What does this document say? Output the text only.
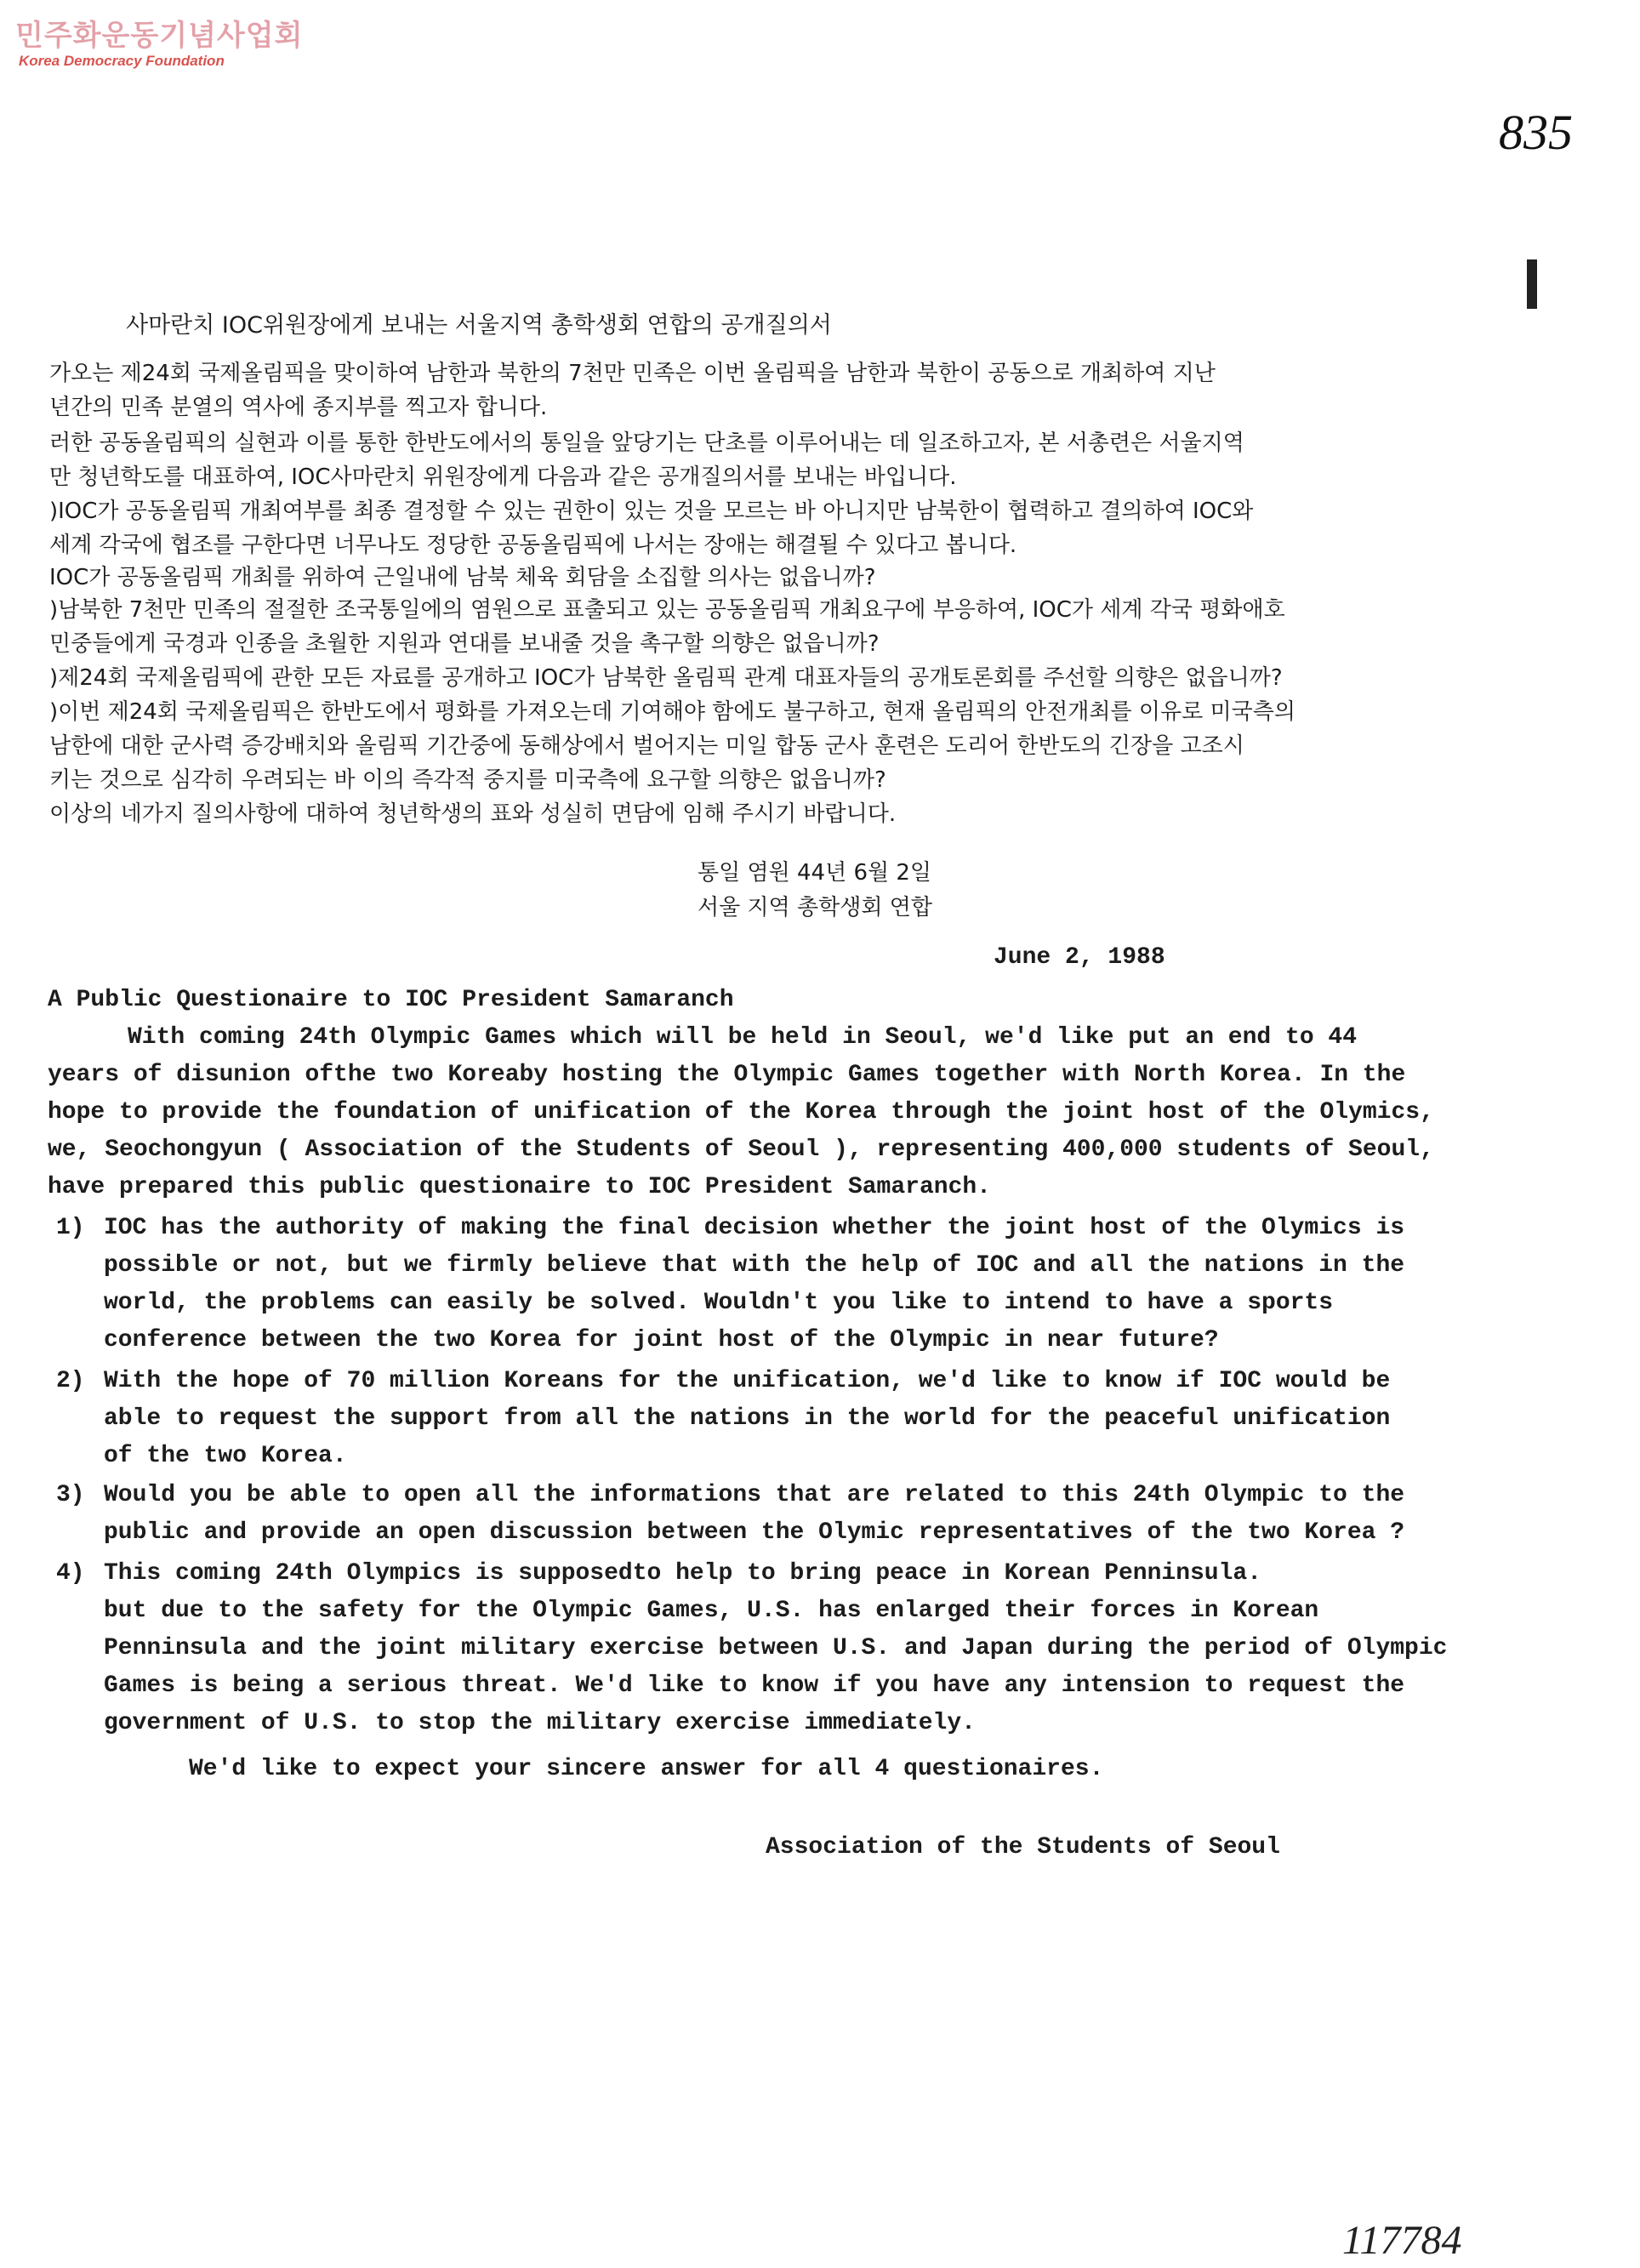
민주화운동기념사업회
Korea Democracy Foundation
835
117784
사마란치 IOC위원장에게 보내는 서울지역 총학생회 연합의 공개질의서
가오는 제24회 국제올림픽을 맞이하여 남한과 북한의 7천만 민족은 이번 올림픽을 남한과 북한이 공동으로 개최하여 지난
년간의 민족 분열의 역사에 종지부를 찍고자 합니다.
러한 공동올림픽의 실현과 이를 통한 한반도에서의 통일을 앞당기는 단초를 이루어내는 데 일조하고자, 본 서총련은 서울지역
만 청년학도를 대표하여, IOC사마란치 위원장에게 다음과 같은 공개질의서를 보내는 바입니다.
)IOC가 공동올림픽 개최여부를 최종 결정할 수 있는 권한이 있는 것을 모르는 바 아니지만 남북한이 협력하고 결의하여 IOC와
세계 각국에 협조를 구한다면 너무나도 정당한 공동올림픽에 나서는 장애는 해결될 수 있다고 봅니다.
IOC가 공동올림픽 개최를 위하여 근일내에 남북 체육 회담을 소집할 의사는 없읍니까?
)남북한 7천만 민족의 절절한 조국통일에의 염원으로 표출되고 있는 공동올림픽 개최요구에 부응하여, IOC가 세계 각국 평화애호
민중들에게 국경과 인종을 초월한 지원과 연대를 보내줄 것을 촉구할 의향은 없읍니까?
)제24회 국제올림픽에 관한 모든 자료를 공개하고 IOC가 남북한 올림픽 관계 대표자들의 공개토론회를 주선할 의향은 없읍니까?
)이번 제24회 국제올림픽은 한반도에서 평화를 가져오는데 기여해야 함에도 불구하고, 현재 올림픽의 안전개최를 이유로 미국측의
남한에 대한 군사력 증강배치와 올림픽 기간중에 동해상에서 벌어지는 미일 합동 군사 훈련은 도리어 한반도의 긴장을 고조시
키는 것으로 심각히 우려되는 바 이의 즉각적 중지를 미국측에 요구할 의향은 없읍니까?
이상의 네가지 질의사항에 대하여 청년학생의 표와 성실히 면담에 임해 주시기 바랍니다.
통일 염원 44년 6월 2일
서울 지역 총학생회 연합
June 2, 1988
A Public Questionaire to IOC President Samaranch
With coming 24th Olympic Games which will be held in Seoul, we'd like put an end to 44
years of disunion ofthe two Koreaby hosting the Olympic Games together with North Korea. In the
hope to provide the foundation of unification of the Korea through the joint host of the Olymics,
we, Seochongyun ( Association of the Students of Seoul ), representing 400,000 students of Seoul,
have prepared this public questionaire to IOC President Samaranch.
1) IOC has the authority of making the final decision whether the joint host of the Olymics is
possible or not, but we firmly believe that with the help of IOC and all the nations in the
world, the problems can easily be solved. Wouldn't you like to intend to have a sports
conference between the two Korea for joint host of the Olympic in near future?
2) With the hope of 70 million Koreans for the unification, we'd like to know if IOC would be
able to request the support from all the nations in the world for the peaceful unification
of the two Korea.
3) Would you be able to open all the informations that are related to this 24th Olympic to the
public and provide an open discussion between the Olymic representatives of the two Korea ?
4) This coming 24th Olympics is supposedto help to bring peace in Korean Penninsula.
but due to the safety for the Olympic Games, U.S. has enlarged their forces in Korean
Penninsula and the joint military exercise between U.S. and Japan during the period of Olympic
Games is being a serious threat. We'd like to know if you have any intension to request the
government of U.S. to stop the military exercise immediately.
We'd like to expect your sincere answer for all 4 questionaires.
Association of the Students of Seoul
